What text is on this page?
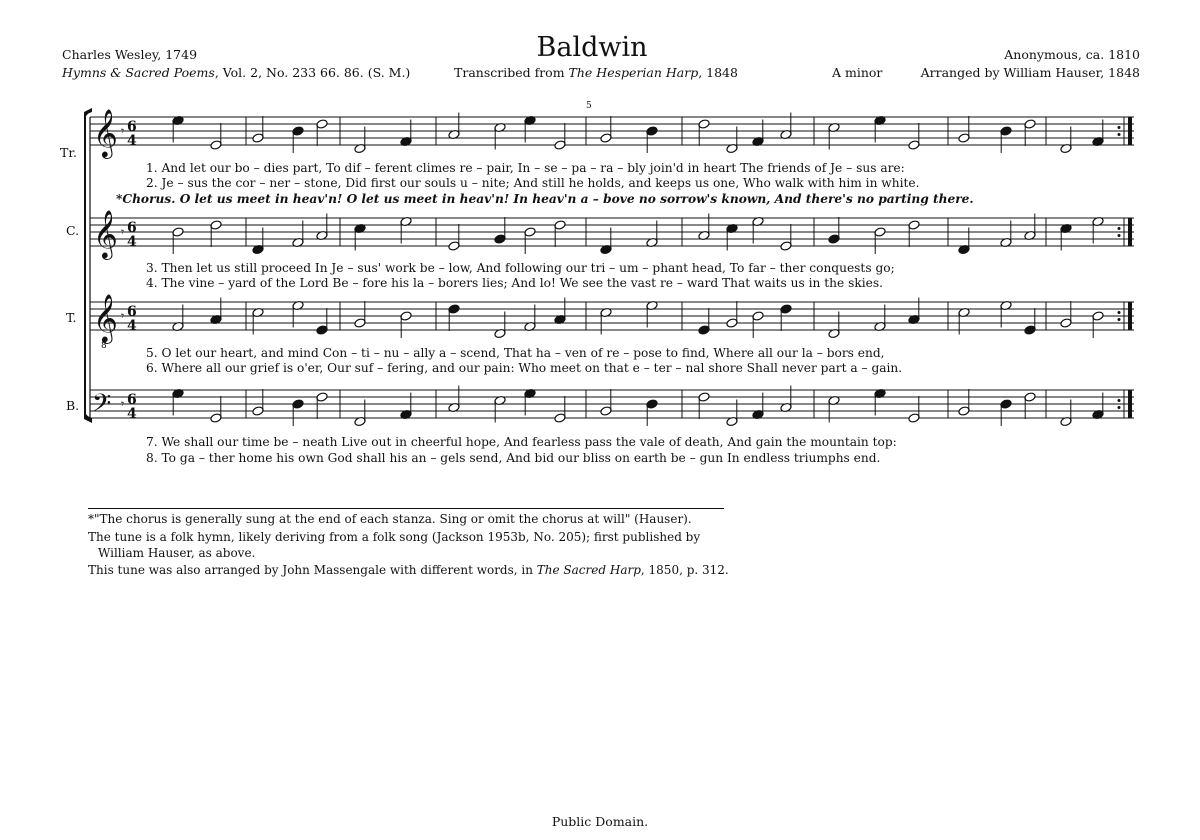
Baldwin
Charles Wesley, 1749
Hymns & Sacred Poems, Vol. 2, No. 233 66. 86. (S. M.)	Transcribed from The Hesperian Harp, 1848
Anonymous, ca. 1810
A minor	Arranged by William Hauser, 1848
5
Tr.
C.
T.
B.
𝄞
𝄞
𝄞
8
𝄢
𝄾
𝄾
𝄾
𝄾
6
4
6
4
6
4
6
4
1. And let our bo – dies part, To dif – ferent climes re – pair, In – se – pa – ra – bly join'd in heart The friends of Je – sus are:
2. Je – sus the cor – ner – stone, Did first our souls u – nite; And still he holds, and keeps us one, Who walk with him in white.
*Chorus. O let us meet in heav'n! O let us meet in heav'n! In heav'n a – bove no sorrow's known, And there's no parting there.
3. Then let us still proceed In Je – sus' work be – low, And following our tri – um – phant head, To far – ther conquests go;
4. The vine – yard of the Lord Be – fore his la – borers lies; And lo! We see the vast re – ward That waits us in the skies.
5. O let our heart, and mind Con – ti – nu – ally a – scend, That ha – ven of re – pose to find, Where all our la – bors end,
6. Where all our grief is o'er, Our suf – fering, and our pain: Who meet on that e – ter – nal shore Shall never part a – gain.
7. We shall our time be – neath Live out in cheerful hope, And fearless pass the vale of death, And gain the mountain top:
8. To ga – ther home his own God shall his an – gels send, And bid our bliss on earth be – gun In endless triumphs end.
*"The chorus is generally sung at the end of each stanza. Sing or omit the chorus at will" (Hauser).
The tune is a folk hymn, likely deriving from a folk song (Jackson 1953b, No. 205); first published by
William Hauser, as above.
This tune was also arranged by John Massengale with different words, in The Sacred Harp, 1850, p. 312.
Public Domain.
